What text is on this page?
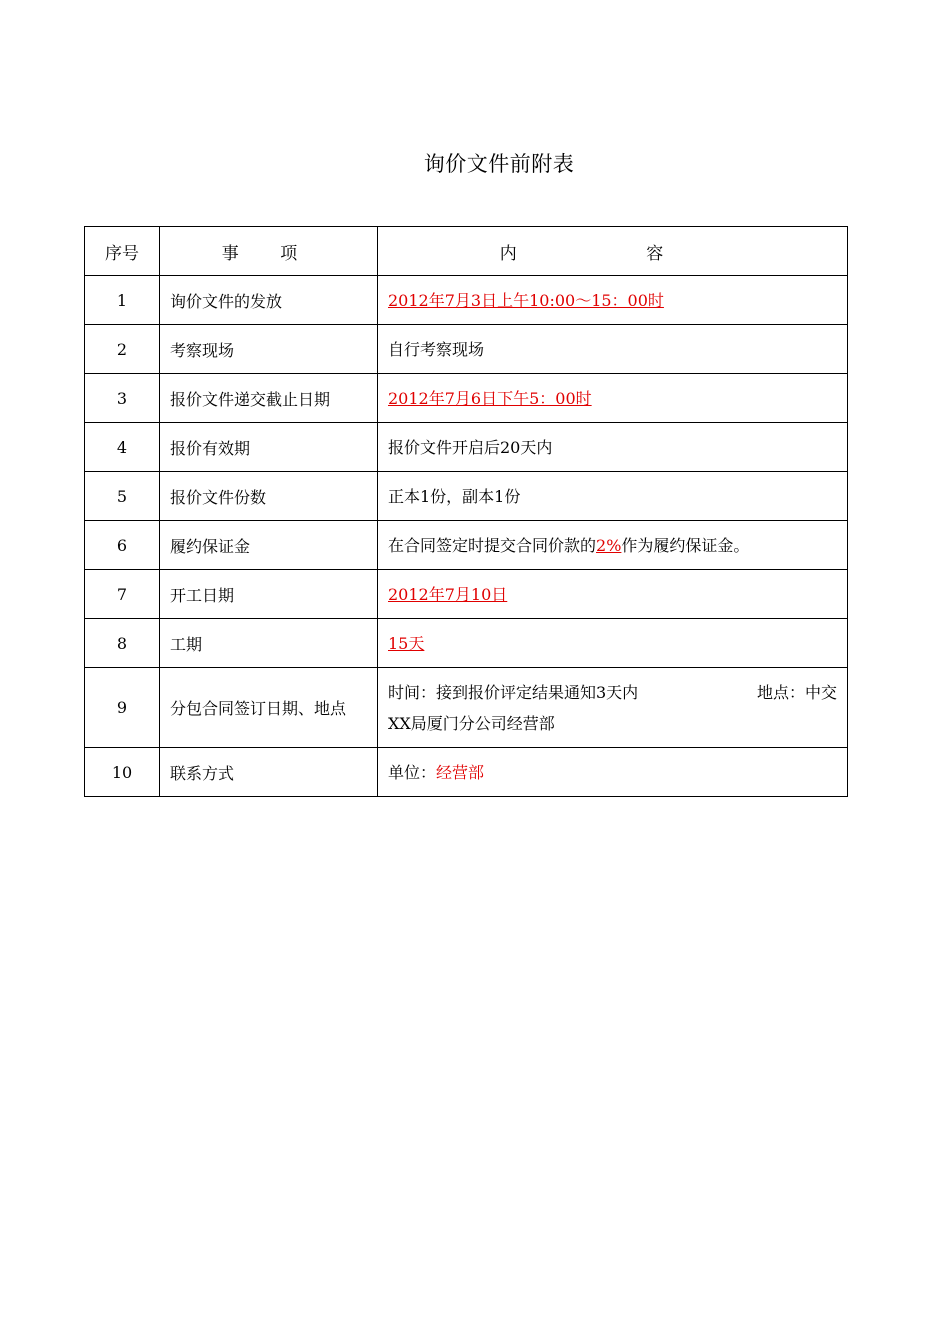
询价文件前附表
序号	事 项	内 容
1	询价文件的发放	2012年7月3日上午10:00～15：00时
2	考察现场	自行考察现场
3	报价文件递交截止日期	2012年7月6日下午5：00时
4	报价有效期	报价文件开启后20天内
5	报价文件份数	正本1份，副本1份
6	履约保证金	在合同签定时提交合同价款的2%作为履约保证金。
7	开工日期	2012年7月10日
8	工期	15天
9	分包合同签订日期、地点	时间：接到报价评定结果通知3天内 地点：中交
XX局厦门分公司经营部

10	联系方式	单位：经营部
